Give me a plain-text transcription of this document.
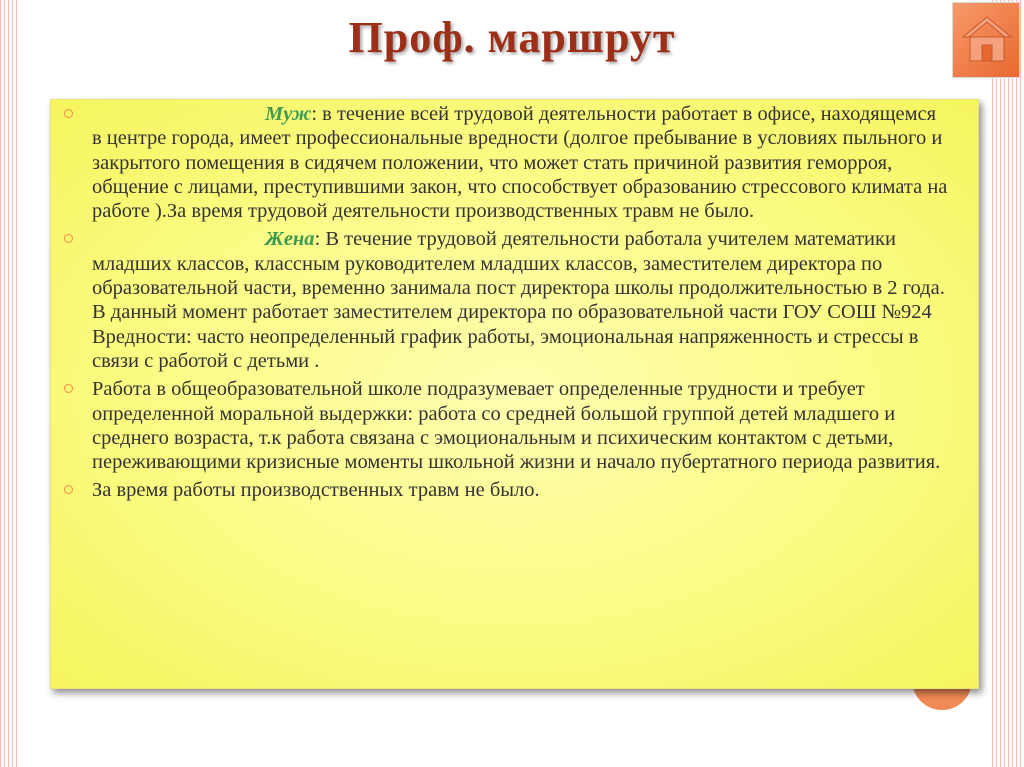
Проф. маршрут
Муж: в течение всей трудовой деятельности работает в офисе, находящемся в центре города, имеет профессиональные вредности (долгое пребывание в условиях пыльного и закрытого помещения в сидячем положении, что может стать причиной развития геморроя, общение с лицами, преступившими закон, что способствует образованию стрессового климата на работе ).За время трудовой деятельности производственных травм не было.
Жена: В течение трудовой деятельности работала учителем математики младших классов, классным руководителем младших классов, заместителем директора по образовательной части, временно занимала пост директора школы продолжительностью в 2 года. В данный момент работает заместителем директора по образовательной части ГОУ СОШ №924 Вредности: часто неопределенный график работы, эмоциональная напряженность и стрессы в связи с работой с детьми .
Работа в общеобразовательной школе подразумевает определенные трудности и требует определенной моральной выдержки: работа со средней большой группой детей младшего и среднего возраста, т.к работа связана с эмоциональным и психическим контактом с детьми, переживающими кризисные моменты школьной жизни и начало пубертатного периода развития.
За время работы производственных травм не было.
